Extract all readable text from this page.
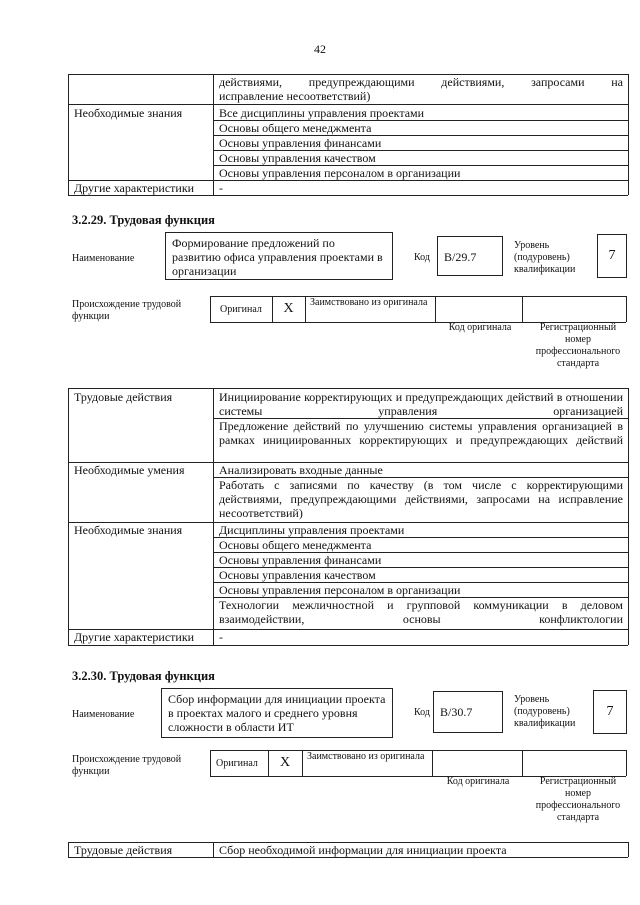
42
действиями, предупреждающими действиями, запросами на
исправление несоответствий)
Необходимые знания	Все дисциплины управления проектами
Основы общего менеджмента
Основы управления финансами
Основы управления качеством
Основы управления персоналом в организации
Другие характеристики -
3.2.29. Трудовая функция
Наименование
Формирование предложений по развитию офиса управления проектами в организации
Код	B/29.7
Уровень (подуровень) квалификации
7
Происхождение трудовой функции
Оригинал	X	Заимствовано из оригинала
Код оригинала	Регистрационный номер профессионального стандарта
Трудовые действия	Инициирование корректирующих и предупреждающих действий в отношении системы управления организацией
Предложение действий по улучшению системы управления организацией в рамках инициированных корректирующих и предупреждающих действий
Необходимые умения	Анализировать входные данные
Работать с записями по качеству (в том числе с корректирующими действиями, предупреждающими действиями, запросами на исправление несоответствий)
Необходимые знания	Дисциплины управления проектами
Основы общего менеджмента
Основы управления финансами
Основы управления качеством
Основы управления персоналом в организации
Технологии межличностной и групповой коммуникации в деловом взаимодействии, основы конфликтологии
Другие характеристики -
3.2.30. Трудовая функция
Наименование
Сбор информации для инициации проекта в проектах малого и среднего уровня сложности в области ИТ
Код B/30.7
Уровень (подуровень) квалификации
7
Происхождение трудовой функции
Оригинал	X	Заимствовано из оригинала
Код оригинала	Регистрационный номер профессионального стандарта
Трудовые действия	Сбор необходимой информации для инициации проекта
